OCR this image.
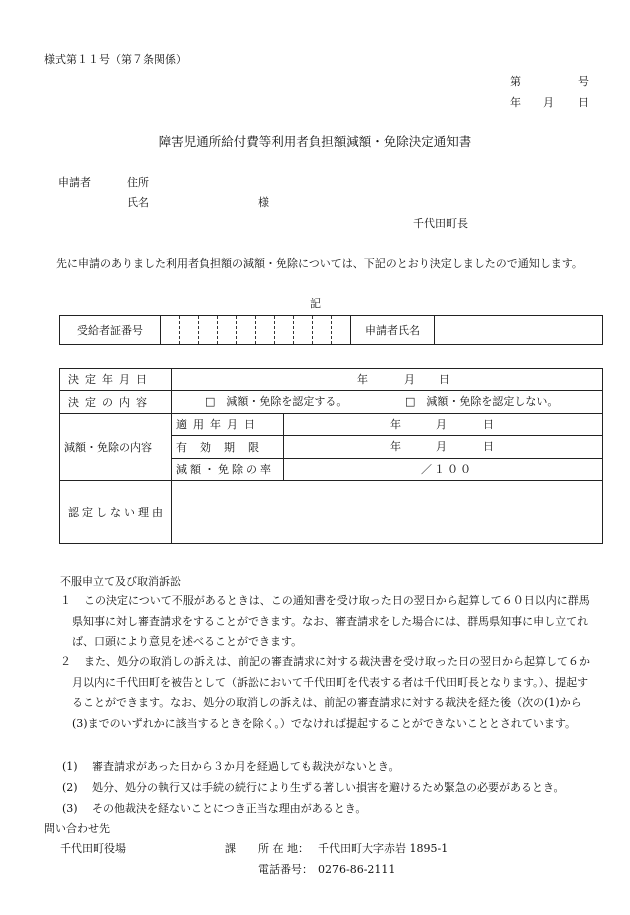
様式第１１号（第７条関係）
第	号
年 月 日
障害児通所給付費等利用者負担額減額・免除決定通知書
申請者	住所
氏名	様
千代田町長
先に申請のありました利用者負担額の減額・免除については、下記のとおり決定しましたので通知します。
記
受給者証番号											申請者氏名	
決定年月日	年 月 日	

決定の内容	□　減額・免除を認定する。 □　減額・免除を認定しない。	

減額・免除の内容	適用年月日	年 月 日

	有効期限	年 月 日

	減額・免除の率	／１００

認定しない理由		
不服申立て及び取消訴訟
１	この決定について不服があるときは、この通知書を受け取った日の翌日から起算して６０日以内に群馬県知事に対し審査請求をすることができます。なお、審査請求をした場合には、群馬県知事に申し立てれば、口頭により意見を述べることができます。
２	また、処分の取消しの訴えは、前記の審査請求に対する裁決書を受け取った日の翌日から起算して６か月以内に千代田町を被告として（訴訟において千代田町を代表する者は千代田町長となります。）、提起することができます。なお、処分の取消しの訴えは、前記の審査請求に対する裁決を経た後（次の(1)から(3)までのいずれかに該当するときを除く。）でなければ提起することができないこととされています。
(1) 審査請求があった日から３か月を経過しても裁決がないとき。
(2) 処分、処分の執行又は手続の続行により生ずる著しい損害を避けるため緊急の必要があるとき。
(3) その他裁決を経ないことにつき正当な理由があるとき。
問い合わせ先
千代田町役場	課 所 在 地： 千代田町大字赤岩 1895-1
電話番号： 0276-86-2111
